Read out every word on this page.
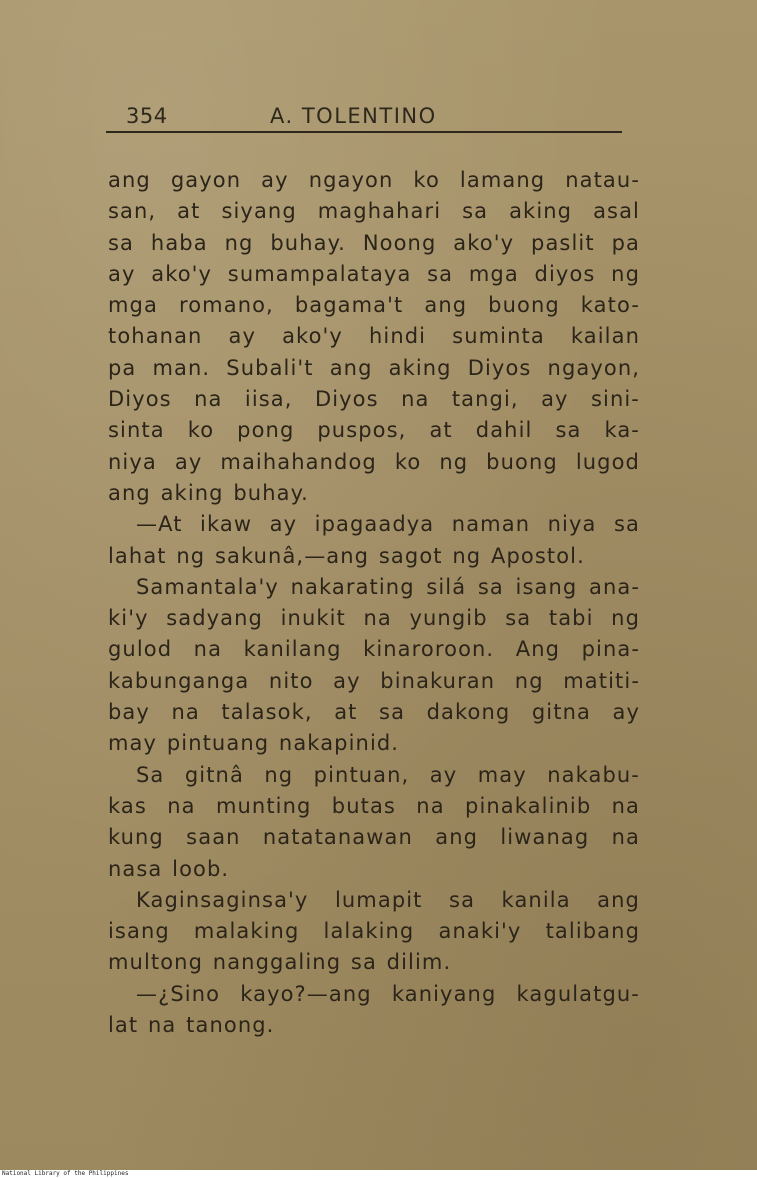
354	A. TOLENTINO
ang gayon ay ngayon ko lamang natau-
san, at siyang maghahari sa aking asal
sa haba ng buhay. Noong ako'y paslit pa
ay ako'y sumampalataya sa mga diyos ng
mga romano, bagama't ang buong kato-
tohanan ay ako'y hindi suminta kailan
pa man. Subali't ang aking Diyos ngayon,
Diyos na iisa, Diyos na tangi, ay sini-
sinta ko pong puspos, at dahil sa ka-
niya ay maihahandog ko ng buong lugod
ang aking buhay.
—At ikaw ay ipagaadya naman niya sa
lahat ng sakunâ,—ang sagot ng Apostol.
Samantala'y nakarating silá sa isang ana-
ki'y sadyang inukit na yungib sa tabi ng
gulod na kanilang kinaroroon. Ang pina-
kabungangа nito ay binakuran ng matiti-
bay na talasok, at sa dakong gitna ay
may pintuang nakapinid.
Sa gitnâ ng pintuan, ay may nakabu-
kas na munting butas na pinakalinib na
kung saan natatanawan ang liwanag na
nasa loob.
Kaginsaginsa'y lumapit sa kanila ang
isang malaking lalaking anaki'y talibang
multong nanggaling sa dilim.
—¿Sino kayo?—ang kaniyang kagulatgu-
lat na tanong.
National Library of the Philippines
